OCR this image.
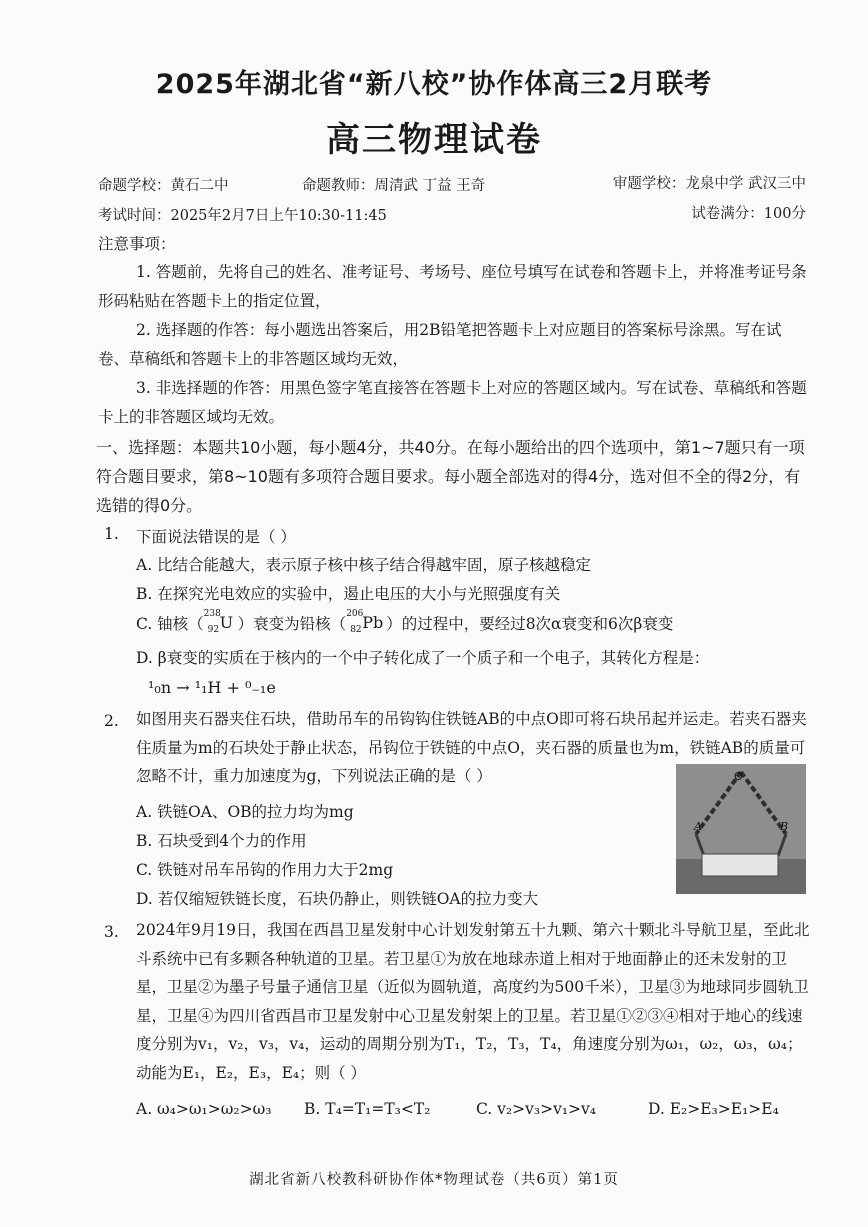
2025年湖北省“新八校”协作体高三2月联考
高三物理试卷
命题学校：黄石二中	命题教师：周清武 丁益 王奇	审题学校：龙泉中学 武汉三中
考试时间：2025年2月7日上午10:30-11:45	试卷满分：100分
注意事项：
1. 答题前，先将自己的姓名、准考证号、考场号、座位号填写在试卷和答题卡上，并将准考证号条形码粘贴在答题卡上的指定位置，
2. 选择题的作答：每小题选出答案后，用2B铅笔把答题卡上对应题目的答案标号涂黑。写在试卷、草稿纸和答题卡上的非答题区域均无效，
3. 非选择题的作答：用黑色签字笔直接答在答题卡上对应的答题区域内。写在试卷、草稿纸和答题卡上的非答题区域均无效。
一、选择题：本题共10小题，每小题4分，共40分。在每小题给出的四个选项中，第1~7题只有一项符合题目要求，第8~10题有多项符合题目要求。每小题全部选对的得4分，选对但不全的得2分，有选错的得0分。
1. 下面说法错误的是（ ）
A. 比结合能越大，表示原子核中核子结合得越牢固，原子核越稳定
B. 在探究光电效应的实验中，遏止电压的大小与光照强度有关
C. 铀核（
238
92 U ）衰变为铅核（
206
82 Pb ）的过程中，要经过8次α衰变和6次β衰变
D. β衰变的实质在于核内的一个中子转化成了一个质子和一个电子，其转化方程是：
¹₀n → ¹₁H + ⁰₋₁e
2. 如图用夹石器夹住石块，借助吊车的吊钩钩住铁链AB的中点O即可将石块吊起并运走。若夹石器夹住质量为m的石块处于静止状态，吊钩位于铁链的中点O，夹石器的质量也为m，铁链AB的质量可忽略不计，重力加速度为g，下列说法正确的是（ ）
A. 铁链OA、OB的拉力均为mg
B. 石块受到4个力的作用
C. 铁链对吊车吊钩的作用力大于2mg
D. 若仅缩短铁链长度，石块仍静止，则铁链OA的拉力变大
O
A	B
3. 2024年9月19日，我国在西昌卫星发射中心计划发射第五十九颗、第六十颗北斗导航卫星，至此北斗系统中已有多颗各种轨道的卫星。若卫星①为放在地球赤道上相对于地面静止的还未发射的卫星，卫星②为墨子号量子通信卫星（近似为圆轨道，高度约为500千米），卫星③为地球同步圆轨卫星，卫星④为四川省西昌市卫星发射中心卫星发射架上的卫星。若卫星①②③④相对于地心的线速度分别为v₁，v₂，v₃，v₄，运动的周期分别为T₁，T₂，T₃，T₄，角速度分别为ω₁，ω₂，ω₃，ω₄；动能为E₁，E₂，E₃，E₄；则（ ）
A. ω₄>ω₁>ω₂>ω₃ B. T₄=T₁=T₃<T₂	C. v₂>v₃>v₁>v₄	D. E₂>E₃>E₁>E₄
湖北省新八校教科研协作体*物理试卷（共6页）第1页
